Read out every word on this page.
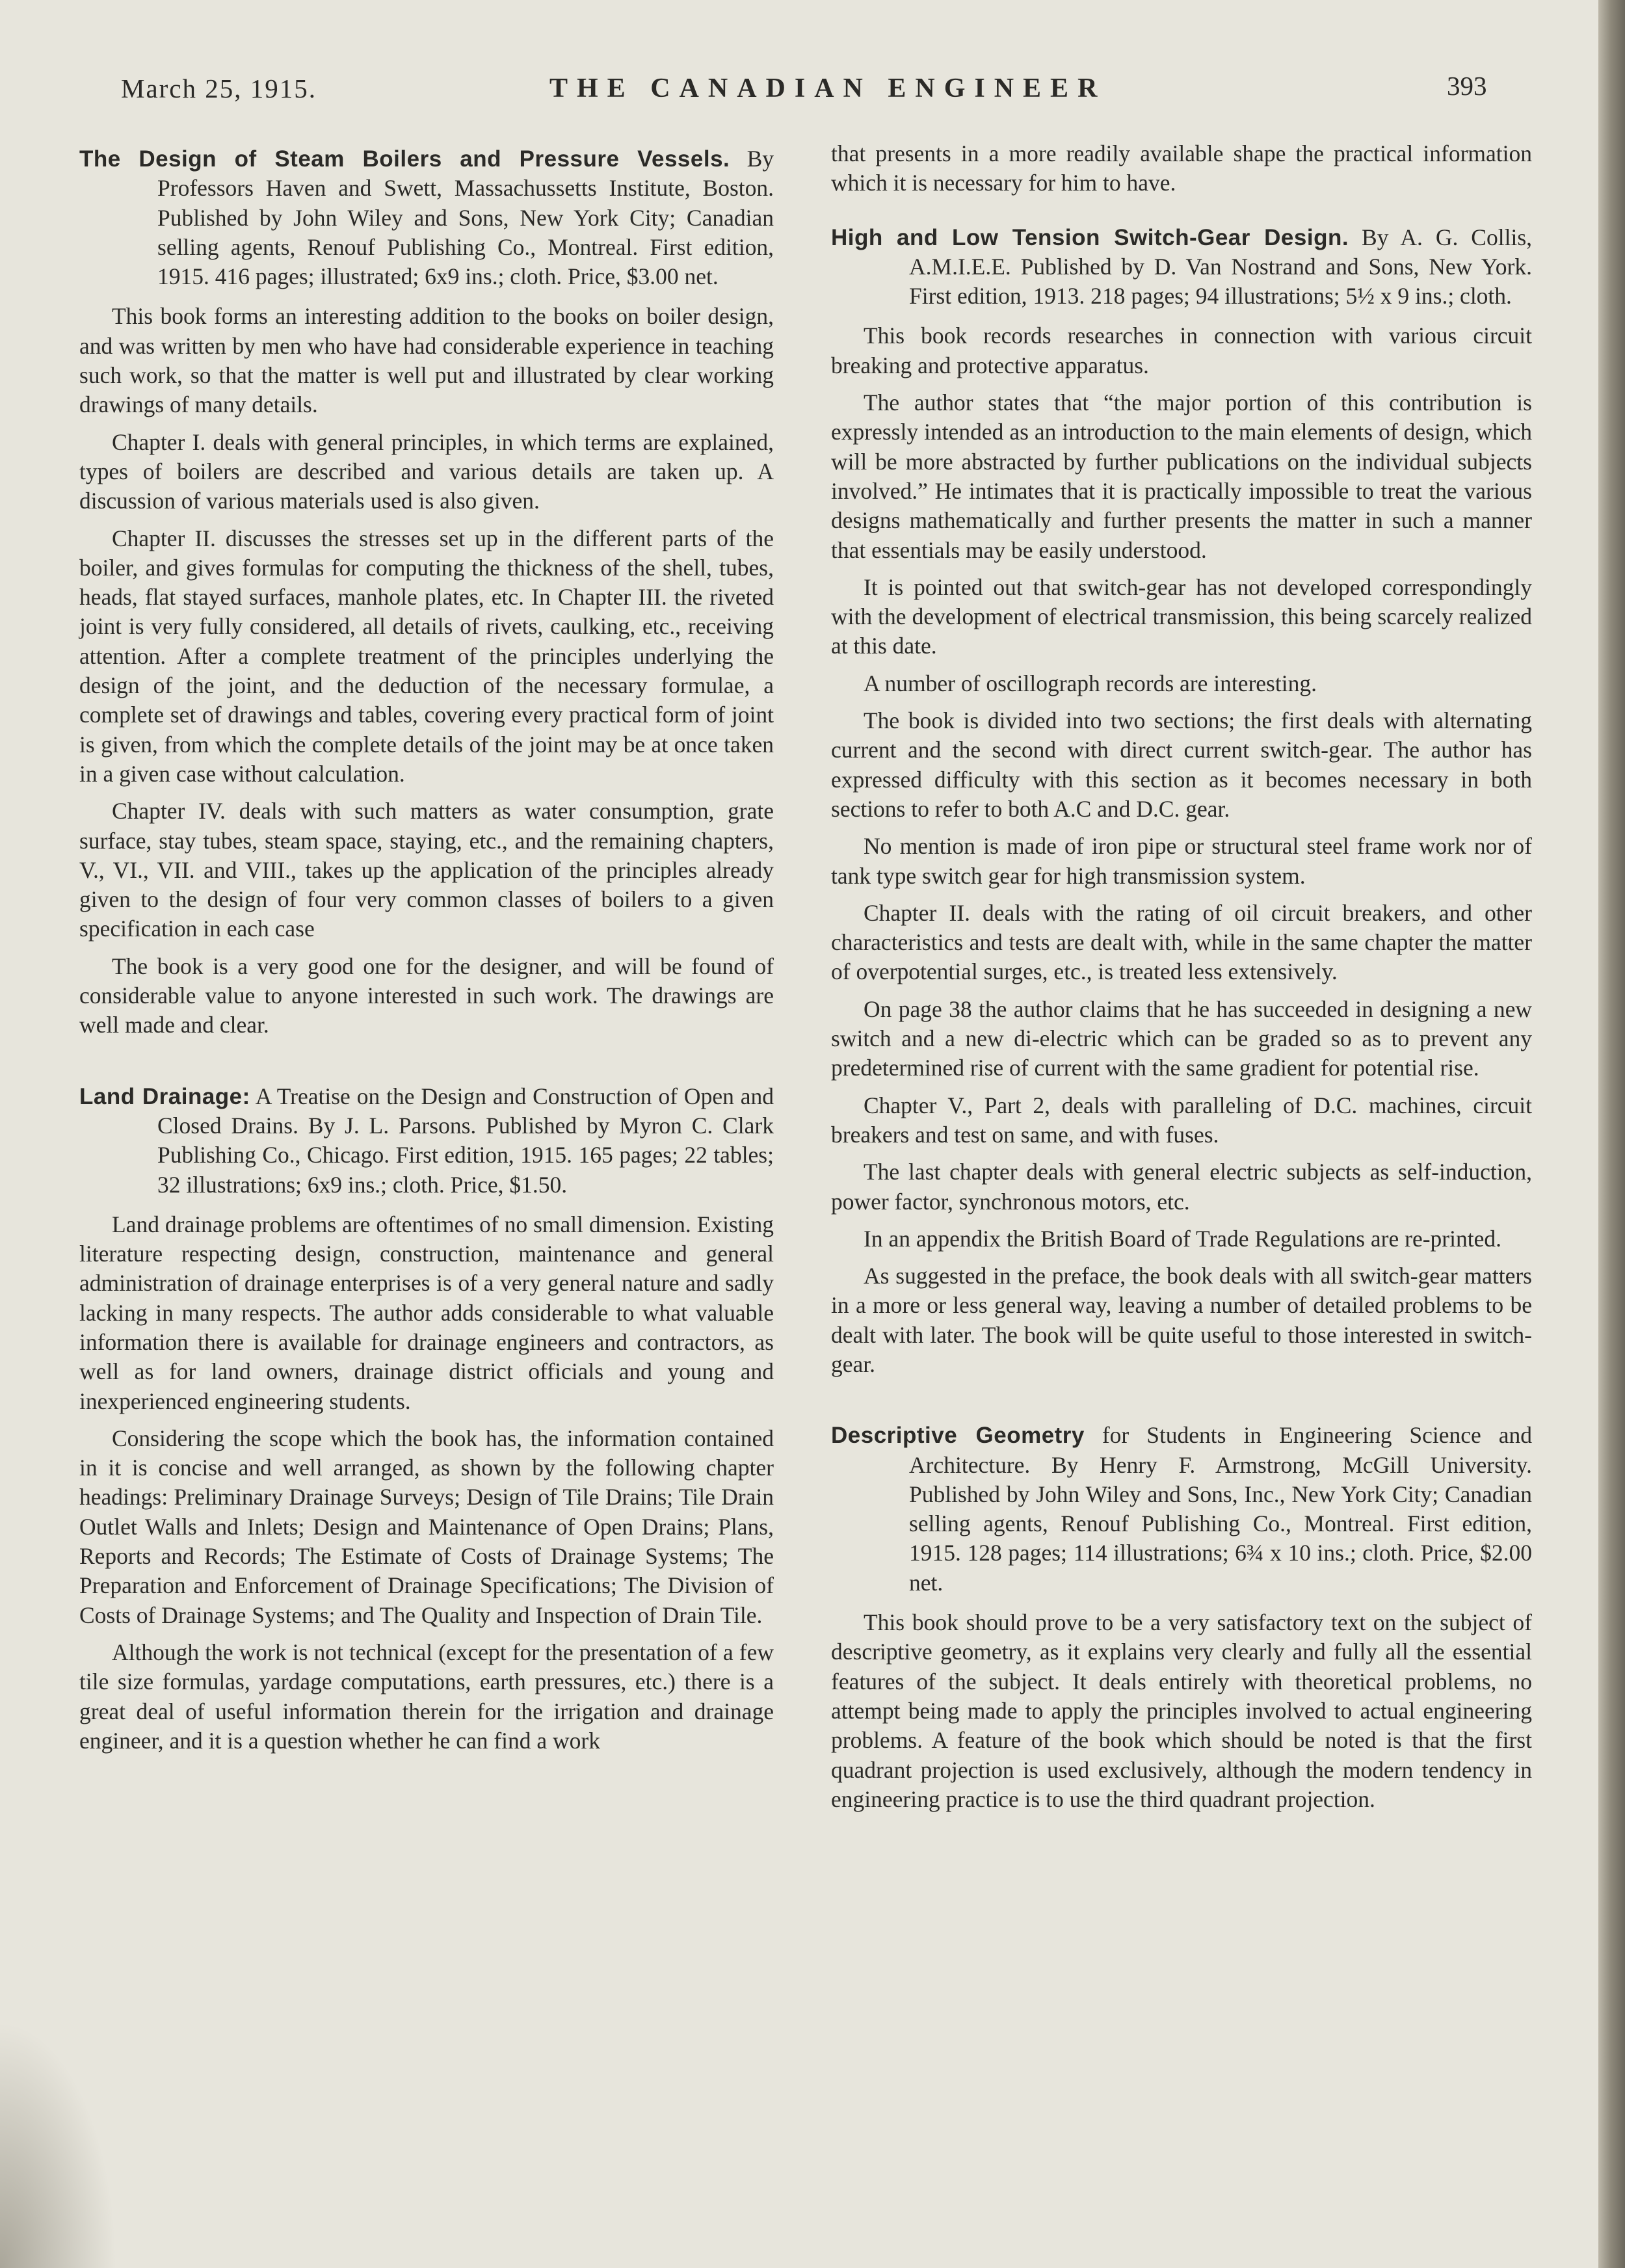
March 25, 1915.	THE CANADIAN ENGINEER	393

The Design of Steam Boilers and Pressure Vessels. By Professors Haven and Swett, Massachussetts Institute, Boston. Published by John Wiley and Sons, New York City; Canadian selling agents, Renouf Publishing Co., Montreal. First edition, 1915. 416 pages; illustrated; 6x9 ins.; cloth. Price, $3.00 net.

This book forms an interesting addition to the books on boiler design, and was written by men who have had considerable experience in teaching such work, so that the matter is well put and illustrated by clear working drawings of many details.

Chapter I. deals with general principles, in which terms are explained, types of boilers are described and various details are taken up. A discussion of various materials used is also given.

Chapter II. discusses the stresses set up in the different parts of the boiler, and gives formulas for computing the thickness of the shell, tubes, heads, flat stayed surfaces, manhole plates, etc. In Chapter III. the riveted joint is very fully considered, all details of rivets, caulking, etc., receiving attention. After a complete treatment of the principles underlying the design of the joint, and the deduction of the necessary formulae, a complete set of drawings and tables, covering every practical form of joint is given, from which the complete details of the joint may be at once taken in a given case without calculation.

Chapter IV. deals with such matters as water consumption, grate surface, stay tubes, steam space, staying, etc., and the remaining chapters, V., VI., VII. and VIII., takes up the application of the principles already given to the design of four very common classes of boilers to a given specification in each case

The book is a very good one for the designer, and will be found of considerable value to anyone interested in such work. The drawings are well made and clear.

Land Drainage: A Treatise on the Design and Construction of Open and Closed Drains. By J. L. Parsons. Published by Myron C. Clark Publishing Co., Chicago. First edition, 1915. 165 pages; 22 tables; 32 illustrations; 6x9 ins.; cloth. Price, $1.50.

Land drainage problems are oftentimes of no small dimension. Existing literature respecting design, construction, maintenance and general administration of drainage enterprises is of a very general nature and sadly lacking in many respects. The author adds considerable to what valuable information there is available for drainage engineers and contractors, as well as for land owners, drainage district officials and young and inexperienced engineering students.

Considering the scope which the book has, the information contained in it is concise and well arranged, as shown by the following chapter headings: Preliminary Drainage Surveys; Design of Tile Drains; Tile Drain Outlet Walls and Inlets; Design and Maintenance of Open Drains; Plans, Reports and Records; The Estimate of Costs of Drainage Systems; The Preparation and Enforcement of Drainage Specifications; The Division of Costs of Drainage Systems; and The Quality and Inspection of Drain Tile.

Although the work is not technical (except for the presentation of a few tile size formulas, yardage computations, earth pressures, etc.) there is a great deal of useful information therein for the irrigation and drainage engineer, and it is a question whether he can find a work

that presents in a more readily available shape the practical information which it is necessary for him to have.

High and Low Tension Switch-Gear Design. By A. G. Collis, A.M.I.E.E. Published by D. Van Nostrand and Sons, New York. First edition, 1913. 218 pages; 94 illustrations; 5½ x 9 ins.; cloth.

This book records researches in connection with various circuit breaking and protective apparatus.

The author states that “the major portion of this contribution is expressly intended as an introduction to the main elements of design, which will be more abstracted by further publications on the individual subjects involved.” He intimates that it is practically impossible to treat the various designs mathematically and further presents the matter in such a manner that essentials may be easily understood.

It is pointed out that switch-gear has not developed correspondingly with the development of electrical transmission, this being scarcely realized at this date.

A number of oscillograph records are interesting.

The book is divided into two sections; the first deals with alternating current and the second with direct current switch-gear. The author has expressed difficulty with this section as it becomes necessary in both sections to refer to both A.C and D.C. gear.

No mention is made of iron pipe or structural steel frame work nor of tank type switch gear for high transmission system.

Chapter II. deals with the rating of oil circuit breakers, and other characteristics and tests are dealt with, while in the same chapter the matter of overpotential surges, etc., is treated less extensively.

On page 38 the author claims that he has succeeded in designing a new switch and a new di-electric which can be graded so as to prevent any predetermined rise of current with the same gradient for potential rise.

Chapter V., Part 2, deals with paralleling of D.C. machines, circuit breakers and test on same, and with fuses.

The last chapter deals with general electric subjects as self-induction, power factor, synchronous motors, etc.

In an appendix the British Board of Trade Regulations are re-printed.

As suggested in the preface, the book deals with all switch-gear matters in a more or less general way, leaving a number of detailed problems to be dealt with later. The book will be quite useful to those interested in switch-gear.

Descriptive Geometry for Students in Engineering Science and Architecture. By Henry F. Armstrong, McGill University. Published by John Wiley and Sons, Inc., New York City; Canadian selling agents, Renouf Publishing Co., Montreal. First edition, 1915. 128 pages; 114 illustrations; 6¾ x 10 ins.; cloth. Price, $2.00 net.

This book should prove to be a very satisfactory text on the subject of descriptive geometry, as it explains very clearly and fully all the essential features of the subject. It deals entirely with theoretical problems, no attempt being made to apply the principles involved to actual engineering problems. A feature of the book which should be noted is that the first quadrant projection is used exclusively, although the modern tendency in engineering practice is to use the third quadrant projection.
